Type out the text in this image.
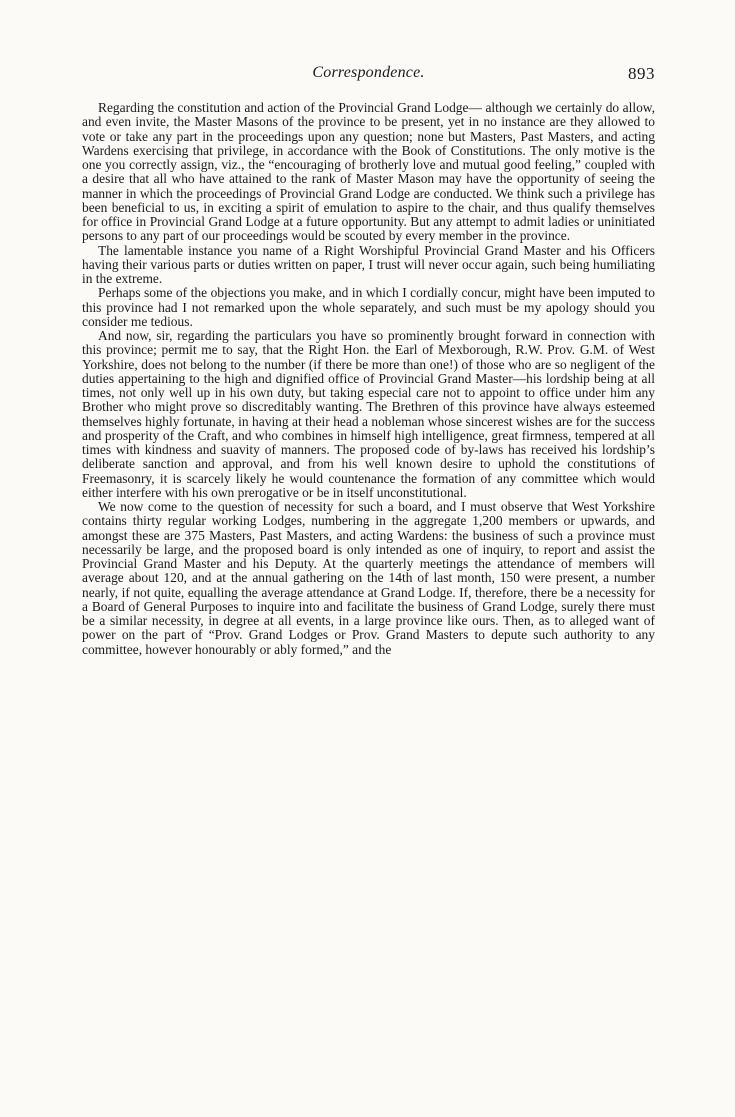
Correspondence.	893

Regarding the constitution and action of the Provincial Grand Lodge— although we certainly do allow, and even invite, the Master Masons of the province to be present, yet in no instance are they allowed to vote or take any part in the proceedings upon any question; none but Masters, Past Masters, and acting Wardens exercising that privilege, in accordance with the Book of Constitutions. The only motive is the one you correctly assign, viz., the “encouraging of brotherly love and mutual good feeling,” coupled with a desire that all who have attained to the rank of Master Mason may have the opportunity of seeing the manner in which the proceedings of Provincial Grand Lodge are conducted. We think such a privilege has been beneficial to us, in exciting a spirit of emulation to aspire to the chair, and thus qualify themselves for office in Provincial Grand Lodge at a future opportunity. But any attempt to admit ladies or uninitiated persons to any part of our proceedings would be scouted by every member in the province.

The lamentable instance you name of a Right Worshipful Provincial Grand Master and his Officers having their various parts or duties written on paper, I trust will never occur again, such being humiliating in the extreme.

Perhaps some of the objections you make, and in which I cordially concur, might have been imputed to this province had I not remarked upon the whole separately, and such must be my apology should you consider me tedious.

And now, sir, regarding the particulars you have so prominently brought forward in connection with this province; permit me to say, that the Right Hon. the Earl of Mexborough, R.W. Prov. G.M. of West Yorkshire, does not belong to the number (if there be more than one!) of those who are so negligent of the duties appertaining to the high and dignified office of Provincial Grand Master—his lordship being at all times, not only well up in his own duty, but taking especial care not to appoint to office under him any Brother who might prove so discreditably wanting. The Brethren of this province have always esteemed themselves highly fortunate, in having at their head a nobleman whose sincerest wishes are for the success and prosperity of the Craft, and who combines in himself high intelligence, great firmness, tempered at all times with kindness and suavity of manners. The proposed code of by-laws has received his lordship’s deliberate sanction and approval, and from his well known desire to uphold the constitutions of Freemasonry, it is scarcely likely he would countenance the formation of any committee which would either interfere with his own prerogative or be in itself unconstitutional.

We now come to the question of necessity for such a board, and I must observe that West Yorkshire contains thirty regular working Lodges, numbering in the aggregate 1,200 members or upwards, and amongst these are 375 Masters, Past Masters, and acting Wardens: the business of such a province must necessarily be large, and the proposed board is only intended as one of inquiry, to report and assist the Provincial Grand Master and his Deputy. At the quarterly meetings the attendance of members will average about 120, and at the annual gathering on the 14th of last month, 150 were present, a number nearly, if not quite, equalling the average attendance at Grand Lodge. If, therefore, there be a necessity for a Board of General Purposes to inquire into and facilitate the business of Grand Lodge, surely there must be a similar necessity, in degree at all events, in a large province like ours. Then, as to alleged want of power on the part of “Prov. Grand Lodges or Prov. Grand Masters to depute such authority to any committee, however honourably or ably formed,” and the
